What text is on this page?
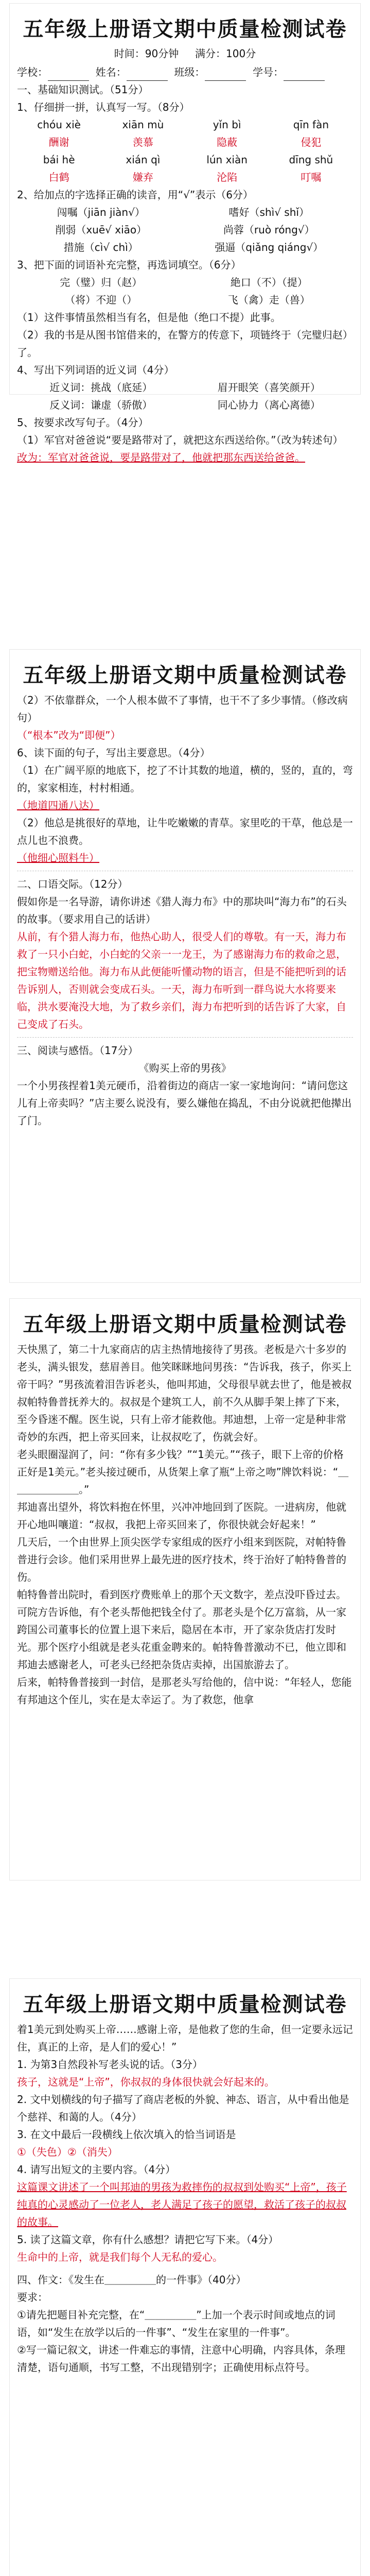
五年级上册语文期中质量检测试卷
时间：90分钟 满分：100分
学校：	姓名：	班级：	学号：

一、基础知识测试。（51分）

1、仔细拼一拼，认真写一写。（8分）

chóu xiè	xiān mù	yǐn bì	qīn fàn
酬谢	羡慕	隐蔽	侵犯
bái hè	xián qì	lún xiàn	dīng shǔ
白鹤	嫌弃	沦陷	叮嘱

2、给加点的字选择正确的读音，用“√”表示（6分）

闯嘱（jiān jiàn√）	嗜好（shì√ shǐ）
削弱（xuē√ xiāo）	尚蓉（ruò róng√）
措施（cì√ chì）	强逼（qiǎng qiáng√）

3、把下面的词语补充完整，再选词填空。（6分）

完（璧）归（赵）	絶口（不）（提）
（将）不迎（）	飞（禽）走（兽）

（1）这件事情虽然相当有名，但是他（绝口不提）此事。

（2）我的书是从图书馆借来的，在警方的传意下，项链终于（完璧归赵）了。

4、写出下列词语的近义词（4分）

近义词：挑战（底延）	眉开眼笑（喜笑颜开）
反义词：谦虚（骄傲）	同心协力（离心离德）

5、按要求改写句子。（4分）

（1）军官对爸爸说“要是路带对了，就把这东西送给你。”（改为转述句）

改为：军官对爸爸说，要是路带对了，他就把那东西送给爸爸。

五年级上册语文期中质量检测试卷

（2）不依靠群众，一个人根本做不了事情，也干不了多少事情。（修改病句）

（“根本”改为“即便”）

6、读下面的句子，写出主要意思。（4分）

（1）在广阔平原的地底下，挖了不计其数的地道，横的，竖的，直的，弯的，家家相连，村村相通。

（地道四通八达）

（2）他总是挑很好的草地，让牛吃嫩嫩的青草。家里吃的干草，他总是一点儿也不浪费。

（他细心照料牛）

二、口语交际。（12分）

假如你是一名导游，请你讲述《猎人海力布》中的那块叫“海力布”的石头的故事。（要求用自己的话讲）

从前，有个猎人海力布，他热心助人，很受人们的尊敬。有一天，海力布救了一只小白蛇，小白蛇的父亲一一龙王，为了感谢海力布的救命之恩，把宝物赠送给他。海力布从此便能听懂动物的语言，但是不能把听到的话告诉别人，否则就会变成石头。一天，海力布听到一群鸟说大水将要来临，洪水要淹没大地，为了救乡亲们，海力布把听到的话告诉了大家，自己变成了石头。

三、阅读与感悟。（17分）

《购买上帝的男孩》

一个小男孩捏着1美元硬币，沿着街边的商店一家一家地询问：“请问您这儿有上帝卖吗？”店主要么说没有，要么嫌他在捣乱，不由分说就把他撵出了门。

五年级上册语文期中质量检测试卷

天快黑了，第二十九家商店的店主热情地接待了男孩。老板是六十多岁的老头，满头银发，慈眉善目。他笑眯眯地问男孩：“告诉我，孩子，你买上帝干吗？”男孩流着泪告诉老头，他叫邦迪，父母很早就去世了，他是被叔叔帕特鲁普抚养大的。叔叔是个建筑工人，前不久从脚手架上摔了下来，至今昏迷不醒。医生说，只有上帝才能救他。邦迪想，上帝一定是种非常奇妙的东西，把上帝买回来，让叔叔吃了，伤就会好。

老头眼圈湿润了，问：“你有多少钱？”“1美元。”“孩子，眼下上帝的价格正好是1美元。”老头接过硬币，从货架上拿了瓶“上帝之吻”牌饮料说：“＿＿＿＿＿＿＿。”

邦迪喜出望外，将饮料抱在怀里，兴冲冲地回到了医院。一进病房，他就开心地叫嚷道：“叔叔，我把上帝买回来了，你很快就会好起来！”

几天后，一个由世界上顶尖医学专家组成的医疗小组来到医院，对帕特鲁普进行会诊。他们采用世界上最先进的医疗技术，终于治好了帕特鲁普的伤。

帕特鲁普出院时，看到医疗费账单上的那个天文数字，差点没吓昏过去。可院方告诉他，有个老头帮他把钱全付了。那老头是个亿万富翁，从一家跨国公司董事长的位置上退下来后，隐居在本市，开了家杂货店打发时光。那个医疗小组就是老头花重金聘来的。帕特鲁普激动不已，他立即和邦迪去感谢老人，可老头已经把杂货店卖掉，出国旅游去了。

后来，帕特鲁普接到一封信，是那老头写给他的，信中说：“年轻人，您能有邦迪这个侄儿，实在是太幸运了。为了救您，他拿

五年级上册语文期中质量检测试卷

着1美元到处购买上帝……感谢上帝，是他救了您的生命，但一定要永远记住，真正的上帝，是人们的爱心！”

1. 为第3自然段补写老头说的话。（3分）

孩子，这就是“上帝”，你叔叔的身体很快就会好起来的。

2. 文中划横线的句子描写了商店老板的外貌、神态、语言，从中看出他是个慈祥、和蔼的人。（4分）

3. 在文中最后一段横线上依次填入的恰当词语是

①（失色）②（消失）

4. 请写出短文的主要内容。（4分）

这篇课文讲述了一个叫邦迪的男孩为救摔伤的叔叔到处购买“上帝”，孩子纯真的心灵感动了一位老人，老人满足了孩子的愿望，救活了孩子的叔叔的故事。

5. 读了这篇文章，你有什么感想？请把它写下来。（4分）

生命中的上帝，就是我们每个人无私的爱心。

四、作文：《发生在＿＿＿＿＿的一件事》（40分）

要求：

①请先把题目补充完整，在“＿＿＿＿＿”上加一个表示时间或地点的词语，如“发生在放学以后的一件事”、“发生在家里的一件事”。

②写一篇记叙文，讲述一件难忘的事情，注意中心明确，内容具体，条理清楚，语句通顺，书写工整，不出现错别字；正确使用标点符号。
